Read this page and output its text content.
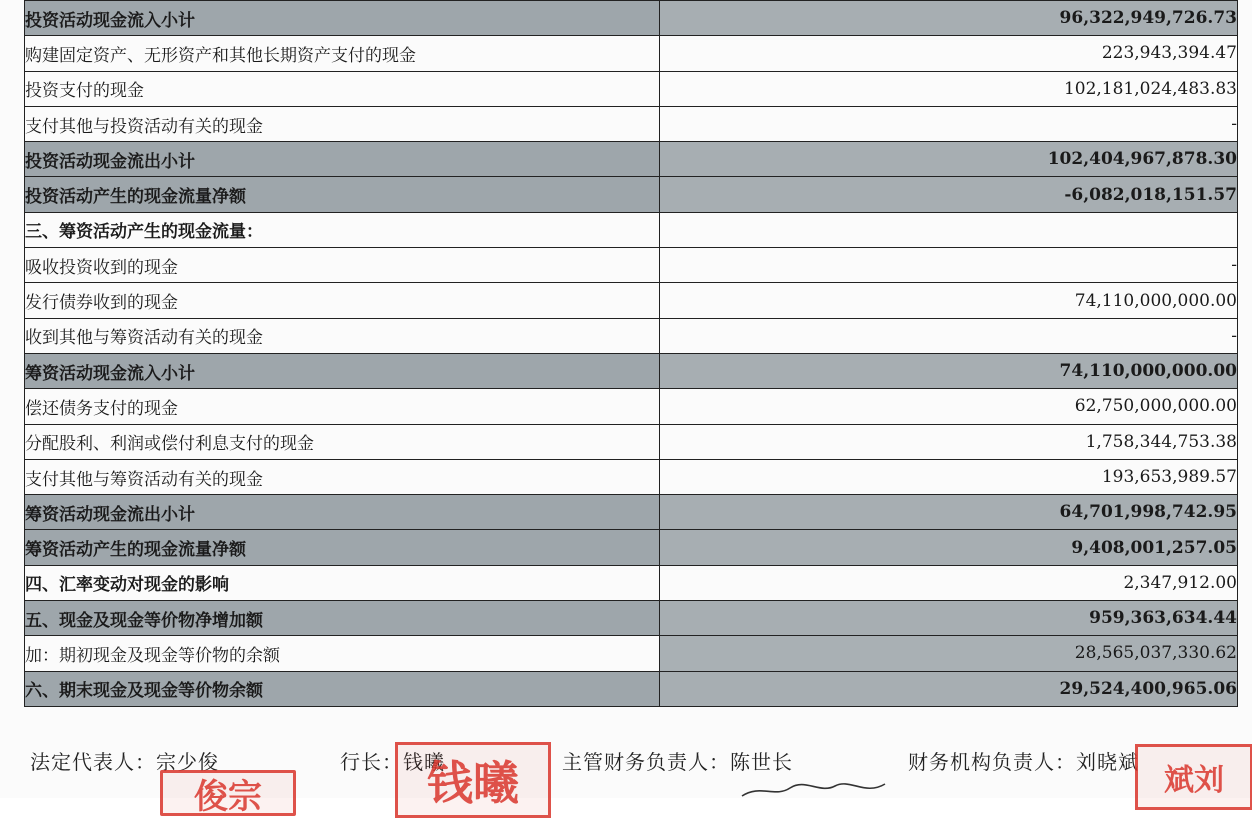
投资活动现金流入小计	96,322,949,726.73
购建固定资产、无形资产和其他长期资产支付的现金	223,943,394.47
投资支付的现金	102,181,024,483.83
支付其他与投资活动有关的现金	-
投资活动现金流出小计	102,404,967,878.30
投资活动产生的现金流量净额	-6,082,018,151.57
三、筹资活动产生的现金流量：	
吸收投资收到的现金	-
发行债券收到的现金	74,110,000,000.00
收到其他与筹资活动有关的现金	-
筹资活动现金流入小计	74,110,000,000.00
偿还债务支付的现金	62,750,000,000.00
分配股利、利润或偿付利息支付的现金	1,758,344,753.38
支付其他与筹资活动有关的现金	193,653,989.57
筹资活动现金流出小计	64,701,998,742.95
筹资活动产生的现金流量净额	9,408,001,257.05
四、汇率变动对现金的影响	2,347,912.00
五、现金及现金等价物净增加额	959,363,634.44
加：期初现金及现金等价物的余额	28,565,037,330.62
六、期末现金及现金等价物余额	29,524,400,965.06
法定代表人：宗少俊	行长：钱曦	主管财务负责人：陈世长	财务机构负责人：刘晓斌
俊宗	钱曦	斌刘
